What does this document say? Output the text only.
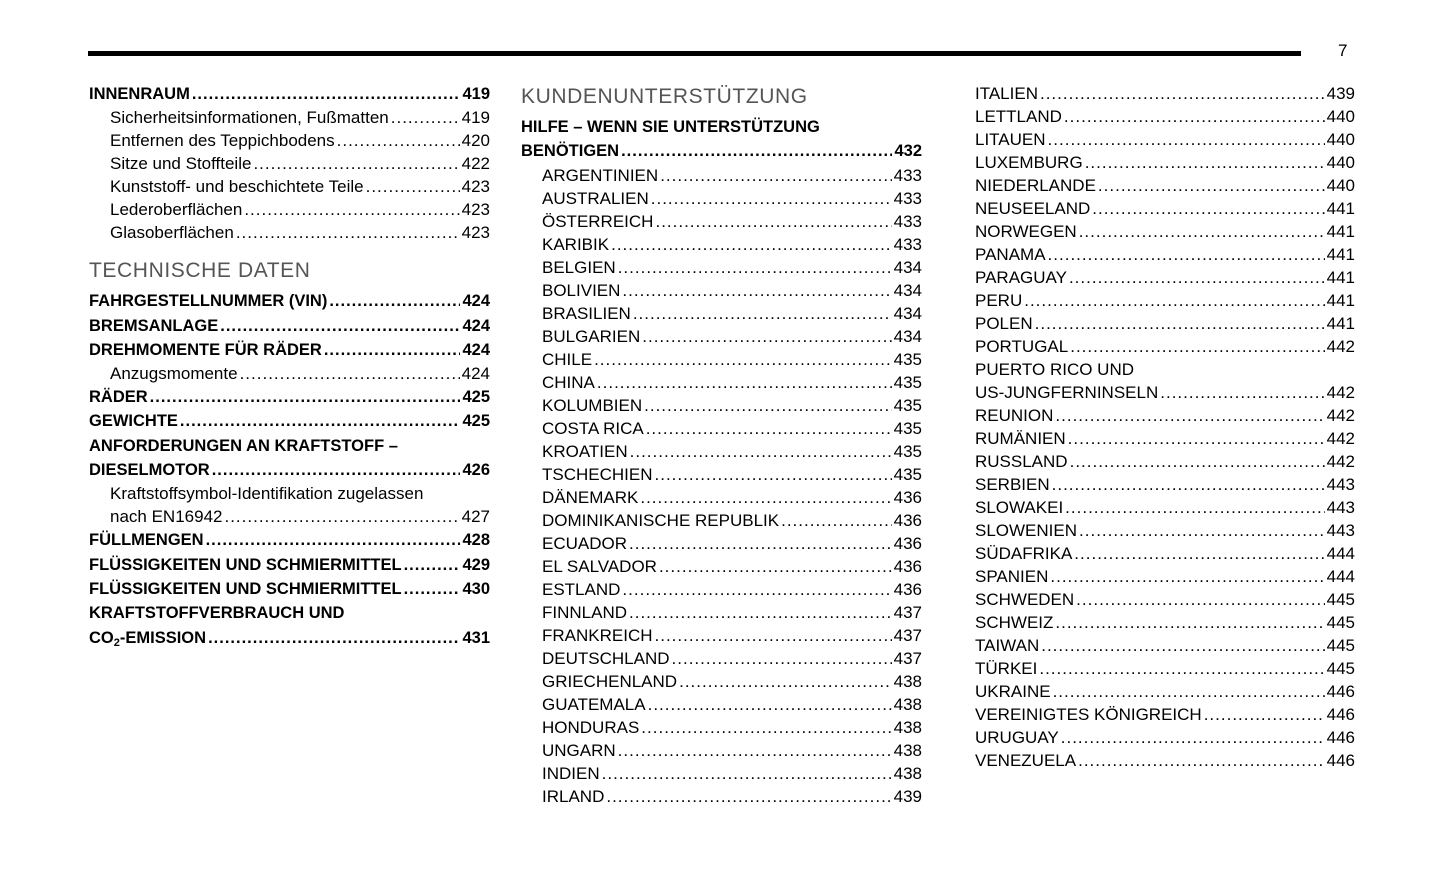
7
INNENRAUM .....	419
Sicherheitsinformationen, Fußmatten .....	419
Entfernen des Teppichbodens .....	420
Sitze und Stoffteile .....	422
Kunststoff- und beschichtete Teile .....	423
Lederoberflächen .....	423
Glasoberflächen .....	423
TECHNISCHE DATEN
FAHRGESTELLNUMMER (VIN) .....	424
BREMSANLAGE .....	424
DREHMOMENTE FÜR RÄDER .....	424
Anzugsmomente .....	424
RÄDER .....	425
GEWICHTE .....	425
ANFORDERUNGEN AN KRAFTSTOFF –
DIESELMOTOR .....	426
Kraftstoffsymbol-Identifikation zugelassen
nach EN16942 .....	427
FÜLLMENGEN .....	428
FLÜSSIGKEITEN UND SCHMIERMITTEL .....	429
FLÜSSIGKEITEN UND SCHMIERMITTEL .....	430
KRAFTSTOFFVERBRAUCH UND
$CO_2$-EMISSION .....	431
KUNDENUNTERSTÜTZUNG
HILFE – WENN SIE UNTERSTÜTZUNG
BENÖTIGEN .....	432
ARGENTINIEN .....	433
AUSTRALIEN .....	433
ÖSTERREICH .....	433
KARIBIK .....	433
BELGIEN .....	434
BOLIVIEN .....	434
BRASILIEN .....	434
BULGARIEN .....	434
CHILE .....	435
CHINA .....	435
KOLUMBIEN .....	435
COSTA RICA .....	435
KROATIEN .....	435
TSCHECHIEN .....	435
DÄNEMARK .....	436
DOMINIKANISCHE REPUBLIK .....	436
ECUADOR .....	436
EL SALVADOR .....	436
ESTLAND .....	436
FINNLAND .....	437
FRANKREICH .....	437
DEUTSCHLAND .....	437
GRIECHENLAND .....	438
GUATEMALA .....	438
HONDURAS .....	438
UNGARN .....	438
INDIEN .....	438
IRLAND .....	439
ITALIEN .....	439
LETTLAND .....	440
LITAUEN .....	440
LUXEMBURG .....	440
NIEDERLANDE .....	440
NEUSEELAND .....	441
NORWEGEN .....	441
PANAMA .....	441
PARAGUAY .....	441
PERU .....	441
POLEN .....	441
PORTUGAL .....	442
PUERTO RICO UND
US-JUNGFERNINSELN .....	442
REUNION .....	442
RUMÄNIEN .....	442
RUSSLAND .....	442
SERBIEN .....	443
SLOWAKEI .....	443
SLOWENIEN .....	443
SÜDAFRIKA .....	444
SPANIEN .....	444
SCHWEDEN .....	445
SCHWEIZ .....	445
TAIWAN .....	445
TÜRKEI .....	445
UKRAINE .....	446
VEREINIGTES KÖNIGREICH .....	446
URUGUAY .....	446
VENEZUELA .....	446
